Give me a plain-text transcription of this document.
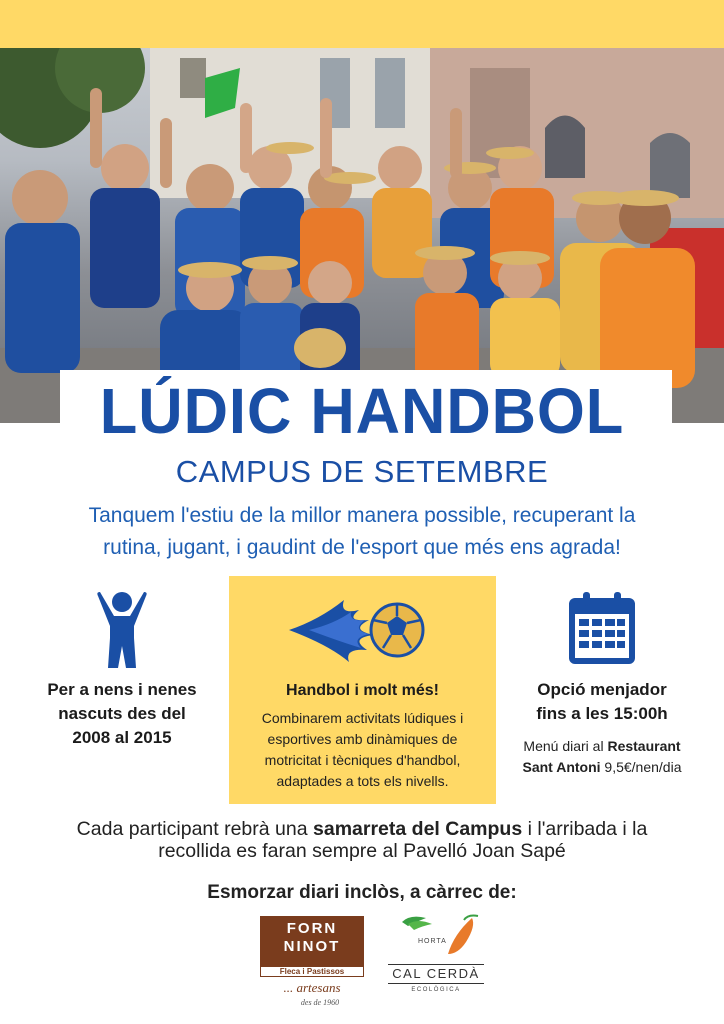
LÚDIC HANDBOL
CAMPUS DE SETEMBRE
Tanquem l'estiu de la millor manera possible, recuperant la
rutina, jugant, i gaudint de l'esport que més ens agrada!
Per a nens i nenes
nascuts des del
2008 al 2015
Handbol i molt més!
Combinarem activitats lúdiques i
esportives amb dinàmiques de
motricitat i tècniques d'handbol,
adaptades a tots els nivells.
Opció menjador
fins a les 15:00h
Menú diari al Restaurant
Sant Antoni 9,5€/nen/dia
Cada participant rebrà una samarreta del Campus i l'arribada i la
recollida es faran sempre al Pavelló Joan Sapé
Esmorzar diari inclòs, a càrrec de:
FORN
NINOT
Fleca i Pastissos
... artesans
des de 1960
HORTA
CAL CERDÀ
ECOLÒGICA
